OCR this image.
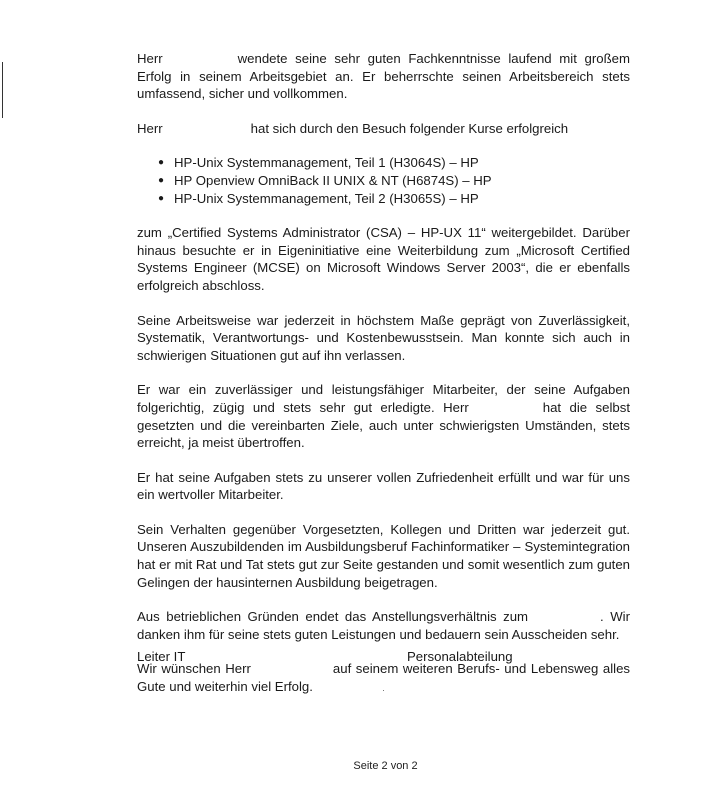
Herr	wendete seine sehr guten Fachkenntnisse laufend mit großem Erfolg in seinem Arbeitsgebiet an. Er beherrschte seinen Arbeitsbereich stets umfassend, sicher und vollkommen.

Herr	hat sich durch den Besuch folgender Kurse erfolgreich

● HP-Unix Systemmanagement, Teil 1 (H3064S) – HP
● HP Openview OmniBack II UNIX & NT (H6874S) – HP
● HP-Unix Systemmanagement, Teil 2 (H3065S) – HP

zum „Certified Systems Administrator (CSA) – HP-UX 11“ weitergebildet. Darüber hinaus besuchte er in Eigeninitiative eine Weiterbildung zum „Microsoft Certified Systems Engineer (MCSE) on Microsoft Windows Server 2003“, die er ebenfalls erfolgreich abschloss.

Seine Arbeitsweise war jederzeit in höchstem Maße geprägt von Zuverlässigkeit, Systematik, Verantwortungs- und Kostenbewusstsein. Man konnte sich auch in schwierigen Situationen gut auf ihn verlassen.

Er war ein zuverlässiger und leistungsfähiger Mitarbeiter, der seine Aufgaben folgerichtig, zügig und stets sehr gut erledigte. Herr	hat die selbst gesetzten und die vereinbarten Ziele, auch unter schwierigsten Umständen, stets erreicht, ja meist übertroffen.

Er hat seine Aufgaben stets zu unserer vollen Zufriedenheit erfüllt und war für uns ein wertvoller Mitarbeiter.

Sein Verhalten gegenüber Vorgesetzten, Kollegen und Dritten war jederzeit gut. Unseren Auszubildenden im Ausbildungsberuf Fachinformatiker – Systemintegration hat er mit Rat und Tat stets gut zur Seite gestanden und somit wesentlich zum guten Gelingen der hausinternen Ausbildung beigetragen.

Aus betrieblichen Gründen endet das Anstellungsverhältnis zum	. Wir danken ihm für seine stets guten Leistungen und bedauern sein Ausscheiden sehr.

Wir wünschen Herr	auf seinem weiteren Berufs- und Lebensweg alles Gute und weiterhin viel Erfolg.

Leiter IT	Personalabteilung
Seite 2 von 2
